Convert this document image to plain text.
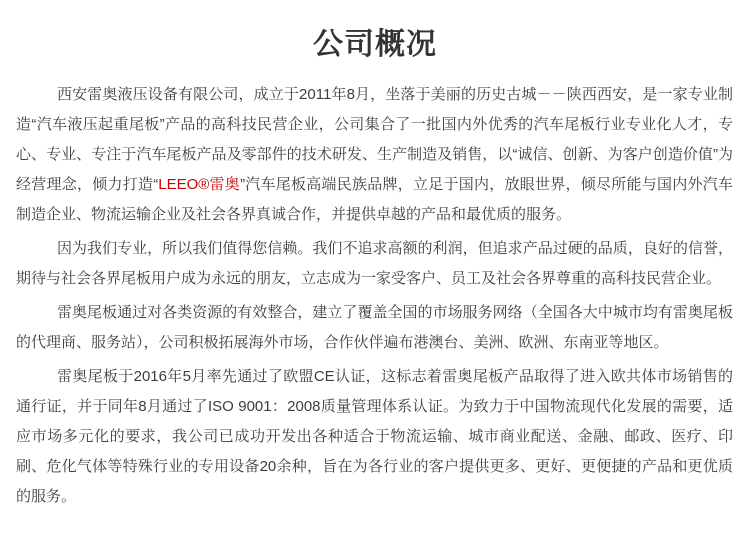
公司概况

西安雷奥液压设备有限公司，成立于2011年8月，坐落于美丽的历史古城－－陕西西安，是一家专业制造“汽车液压起重尾板”产品的高科技民营企业，公司集合了一批国内外优秀的汽车尾板行业专业化人才，专心、专业、专注于汽车尾板产品及零部件的技术研发、生产制造及销售，以“诚信、创新、为客户创造价值”为经营理念，倾力打造“LEEO®雷奥”汽车尾板高端民族品牌，立足于国内，放眼世界，倾尽所能与国内外汽车制造企业、物流运输企业及社会各界真诚合作，并提供卓越的产品和最优质的服务。

因为我们专业，所以我们值得您信赖。我们不追求高额的利润，但追求产品过硬的品质，良好的信誉，期待与社会各界尾板用户成为永远的朋友，立志成为一家受客户、员工及社会各界尊重的高科技民营企业。

雷奥尾板通过对各类资源的有效整合，建立了覆盖全国的市场服务网络（全国各大中城市均有雷奥尾板的代理商、服务站），公司积极拓展海外市场，合作伙伴遍布港澳台、美洲、欧洲、东南亚等地区。

雷奥尾板于2016年5月率先通过了欧盟CE认证，这标志着雷奥尾板产品取得了进入欧共体市场销售的通行证，并于同年8月通过了ISO 9001：2008质量管理体系认证。为致力于中国物流现代化发展的需要，适应市场多元化的要求，我公司已成功开发出各种适合于物流运输、城市商业配送、金融、邮政、医疗、印刷、危化气体等特殊行业的专用设备20余种，旨在为各行业的客户提供更多、更好、更便捷的产品和更优质的服务。
